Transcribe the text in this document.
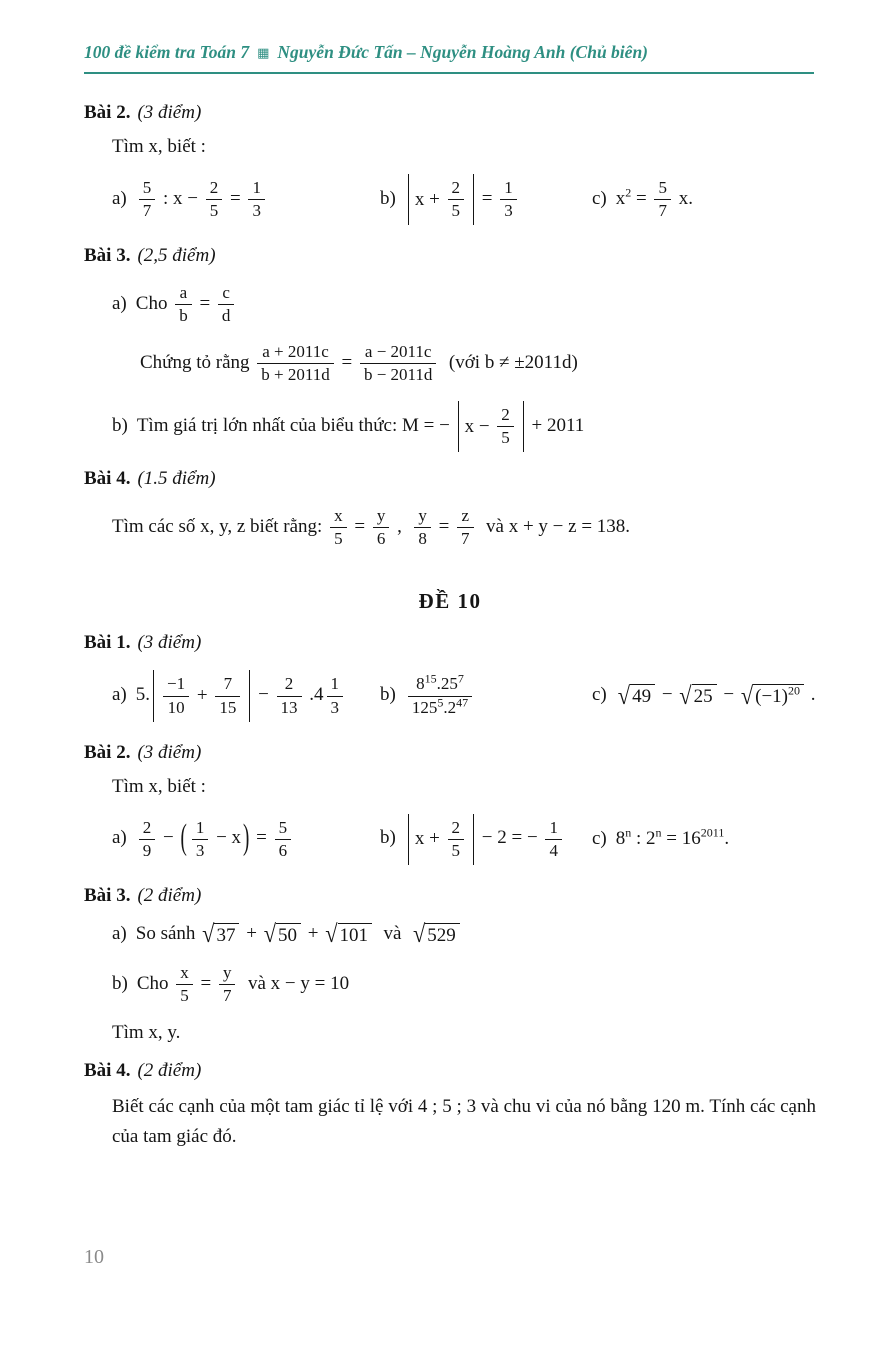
100 đề kiểm tra Toán 7 ▦ Nguyễn Đức Tấn – Nguyễn Hoàng Anh (Chủ biên)
Bài 2. (3 điểm)
Tìm x, biết :
$a) \frac{5}{7}$ : $x - \frac{2}{5} = \frac{1}{3}$	b) $x + \frac{2}{5} = \frac{1}{3}$	c) $x^2 = \frac{5}{7} x$.
Bài 3. (2,5 điểm)
a) Cho $\frac{a}{b} = \frac{c}{d}$
Chứng tỏ rằng $\frac{a + 2011c}{b + 2011d} = \frac{a - 2011c}{b - 2011d}$ (với b ≠ ±2011d)
b) Tìm giá trị lớn nhất của biểu thức: M = − $x - \frac{2}{5} + 2011$
Bài 4. (1.5 điểm)
Tìm các số x, y, z biết rằng: $\frac{x}{5} = \frac{y}{6}$ , $\frac{y}{8} = \frac{z}{7}$ và x + y − z = 138.
ĐỀ 10
Bài 1. (3 điểm)
a) 5. $\frac{-1}{10} + \frac{7}{15} - \frac{2}{13} .4 \frac{1}{3} b) \frac{8^{15}.25^7}{125^5.2^{47}}$	c) √ 49 − √ 25 − √ $(-1)^{20}$ .
Bài 2. (3 điểm)
Tìm x, biết :
$a) \frac{2}{9}$ − ( $\frac{1}{3} - x$ ) = $\frac{5}{6}$	b) $x + \frac{2}{5} - 2$ = − $\frac{1}{4} c$) 8$^n$ : $2^n = 16^{2011}$.
Bài 3. (2 điểm)
a) So sánh √ 37 + √ 50 + √ 101 và √ 529
b) Cho $\frac{x}{5} = \frac{y}{7}$ và x − y = 10
Tìm x, y.
Bài 4. (2 điểm)
Biết các cạnh của một tam giác tỉ lệ với 4 ; 5 ; 3 và chu vi của nó bằng 120 m. Tính các cạnh của tam giác đó.
10
